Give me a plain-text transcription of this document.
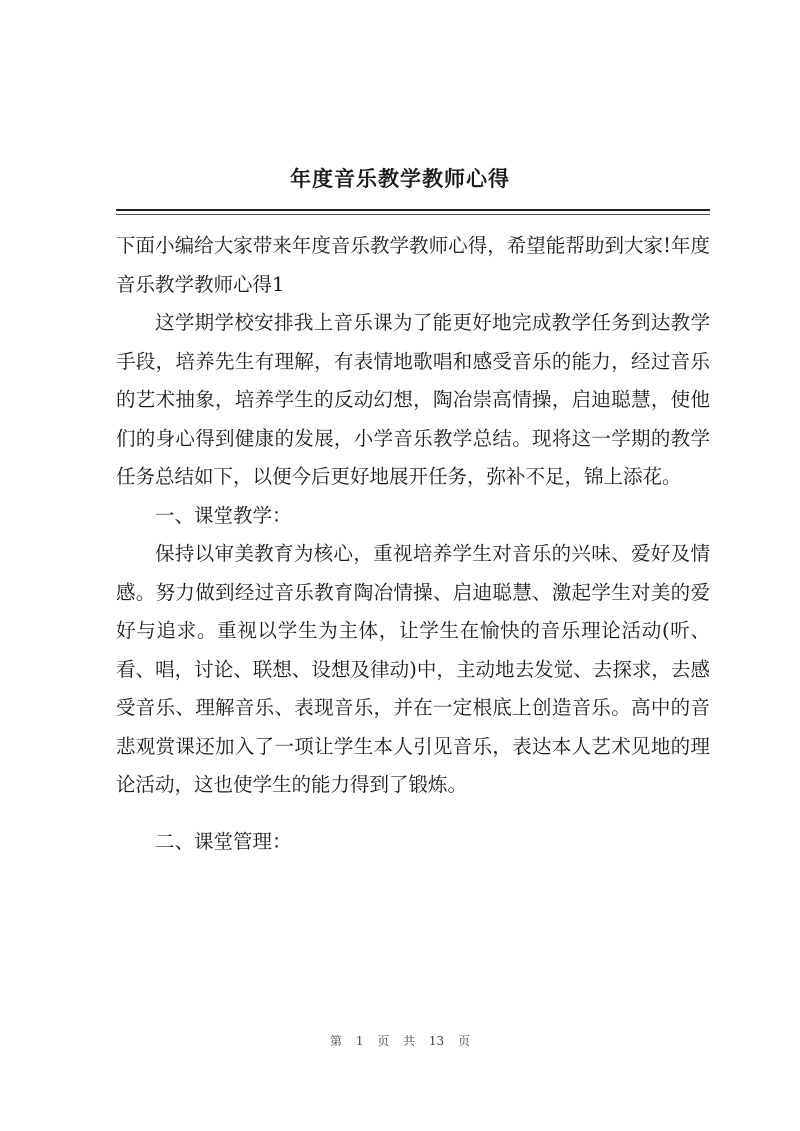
年度音乐教学教师心得

下面小编给大家带来年度音乐教学教师心得，希望能帮助到大家!年度音乐教学教师心得1

这学期学校安排我上音乐课为了能更好地完成教学任务到达教学手段，培养先生有理解，有表情地歌唱和感受音乐的能力，经过音乐的艺术抽象，培养学生的反动幻想，陶冶崇高情操，启迪聪慧，使他们的身心得到健康的发展，小学音乐教学总结。现将这一学期的教学任务总结如下，以便今后更好地展开任务，弥补不足，锦上添花。

一、课堂教学：

保持以审美教育为核心，重视培养学生对音乐的兴味、爱好及情感。努力做到经过音乐教育陶冶情操、启迪聪慧、激起学生对美的爱好与追求。重视以学生为主体，让学生在愉快的音乐理论活动(听、看、唱，讨论、联想、设想及律动)中，主动地去发觉、去探求，去感受音乐、理解音乐、表现音乐，并在一定根底上创造音乐。高中的音悲观赏课还加入了一项让学生本人引见音乐，表达本人艺术见地的理论活动，这也使学生的能力得到了锻炼。

二、课堂管理：

第 1 页 共 13 页
